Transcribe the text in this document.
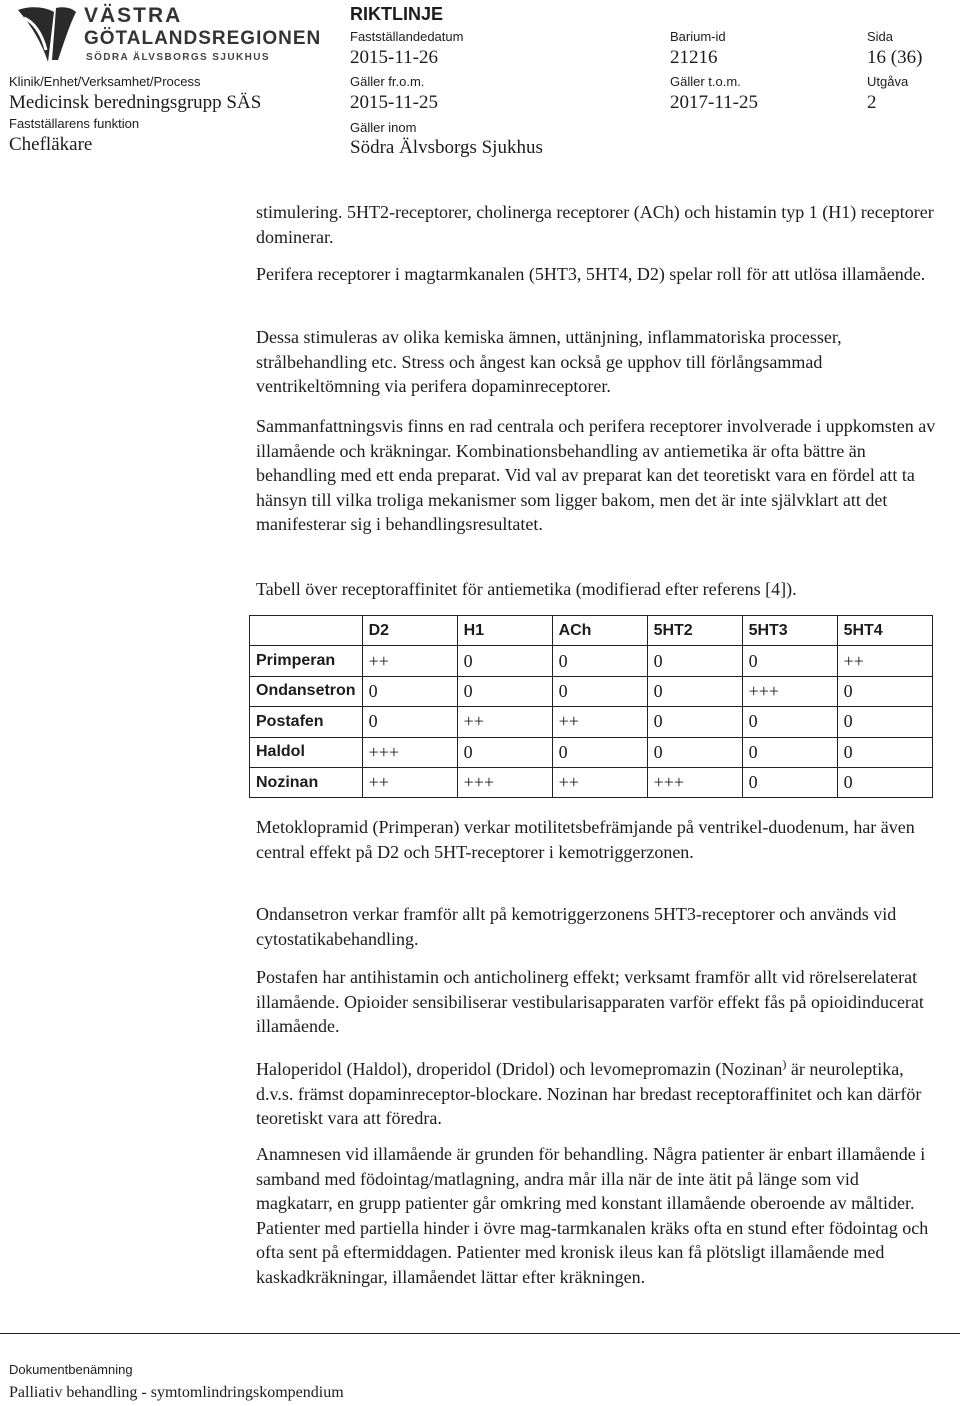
VÄSTRA
GÖTALANDSREGIONEN
SÖDRA ÄLVSBORGS SJUKHUS
RIKTLINJE
Klinik/Enhet/Verksamhet/Process
Medicinsk beredningsgrupp SÄS
Fastställarens funktion
Chefläkare
Fastställandedatum
2015-11-26
Gäller fr.o.m.
2015-11-25
Gäller inom
Södra Älvsborgs Sjukhus
Barium-id
21216
Gäller t.o.m.
2017-11-25
Sida
16 (36)
Utgåva
2

stimulering. 5HT2-receptorer, cholinerga receptorer (ACh) och histamin typ 1 (H1) receptorer dominerar.

Perifera receptorer i magtarmkanalen (5HT3, 5HT4, D2) spelar roll för att utlösa illamående.

Dessa stimuleras av olika kemiska ämnen, uttänjning, inflammatoriska processer, strålbehandling etc. Stress och ångest kan också ge upphov till förlångsammad ventrikeltömning via perifera dopaminreceptorer.

Sammanfattningsvis finns en rad centrala och perifera receptorer involverade i uppkomsten av illamående och kräkningar. Kombinationsbehandling av antiemetika är ofta bättre än behandling med ett enda preparat. Vid val av preparat kan det teoretiskt vara en fördel att ta hänsyn till vilka troliga mekanismer som ligger bakom, men det är inte självklart att det manifesterar sig i behandlingsresultatet.

Tabell över receptoraffinitet för antiemetika (modifierad efter referens [4]).

	D2	H1	ACh	5HT2	5HT3	5HT4
Primperan	++	0	0	0	0	++
Ondansetron	0	0	0	0	+++	0
Postafen	0	++	++	0	0	0
Haldol	+++	0	0	0	0	0
Nozinan	++	+++	++	+++	0	0

Metoklopramid (Primperan) verkar motilitetsbefrämjande på ventrikel-duodenum, har även central effekt på D2 och 5HT-receptorer i kemotriggerzonen.

Ondansetron verkar framför allt på kemotriggerzonens 5HT3-receptorer och används vid cytostatikabehandling.

Postafen har antihistamin och anticholinerg effekt; verksamt framför allt vid rörelserelaterat illamående. Opioider sensibiliserar vestibularisapparaten varför effekt fås på opioidinducerat illamående.

Haloperidol (Haldol), droperidol (Dridol) och levomepromazin (Nozinan) är neuroleptika, d.v.s. främst dopaminreceptor-blockare. Nozinan har bredast receptoraffinitet och kan därför teoretiskt vara att föredra.

Anamnesen vid illamående är grunden för behandling. Några patienter är enbart illamående i samband med födointag/matlagning, andra mår illa när de inte ätit på länge som vid magkatarr, en grupp patienter går omkring med konstant illamående oberoende av måltider. Patienter med partiella hinder i övre mag-tarmkanalen kräks ofta en stund efter födointag och ofta sent på eftermiddagen. Patienter med kronisk ileus kan få plötsligt illamående med kaskadkräkningar, illamåendet lättar efter kräkningen.

Dokumentbenämning
Palliativ behandling - symtomlindringskompendium
